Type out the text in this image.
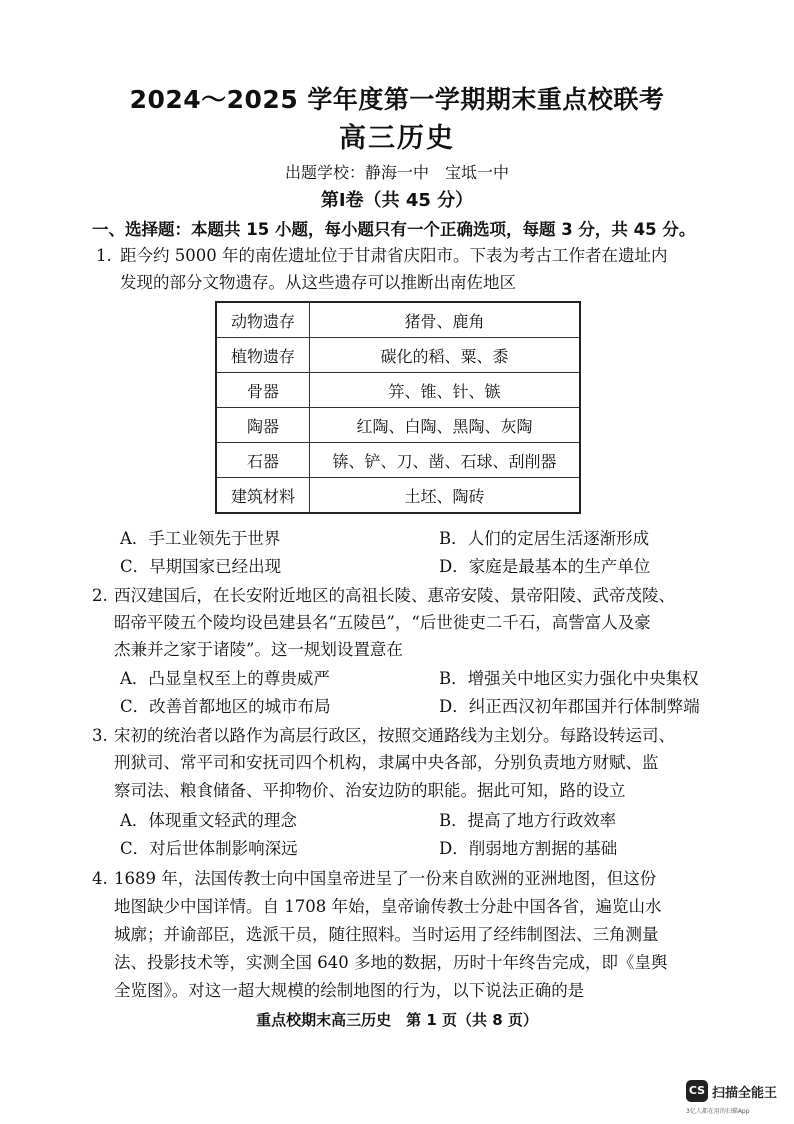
2024～2025 学年度第一学期期末重点校联考
高三历史
出题学校：静海一中　宝坻一中
第Ⅰ卷（共 45 分）
一、选择题：本题共 15 小题，每小题只有一个正确选项，每题 3 分，共 45 分。
1. 距今约 5000 年的南佐遗址位于甘肃省庆阳市。下表为考古工作者在遗址内
发现的部分文物遗存。从这些遗存可以推断出南佐地区
动物遗存	猪骨、鹿角
植物遗存	碳化的稻、粟、黍
骨器	笄、锥、针、镞
陶器	红陶、白陶、黑陶、灰陶
石器	锛、铲、刀、凿、石球、刮削器
建筑材料	土坯、陶砖
A．手工业领先于世界	B．人们的定居生活逐渐形成
C．早期国家已经出现	D．家庭是最基本的生产单位
2. 西汉建国后，在长安附近地区的高祖长陵、惠帝安陵、景帝阳陵、武帝茂陵、
昭帝平陵五个陵均设邑建县名“五陵邑”，“后世徙吏二千石，高訾富人及豪
杰兼并之家于诸陵”。这一规划设置意在
A．凸显皇权至上的尊贵威严	B．增强关中地区实力强化中央集权
C．改善首都地区的城市布局	D．纠正西汉初年郡国并行体制弊端
3. 宋初的统治者以路作为高层行政区，按照交通路线为主划分。每路设转运司、
刑狱司、常平司和安抚司四个机构，隶属中央各部，分别负责地方财赋、监
察司法、粮食储备、平抑物价、治安边防的职能。据此可知，路的设立
A．体现重文轻武的理念	B．提高了地方行政效率
C．对后世体制影响深远	D．削弱地方割据的基础
4. 1689 年，法国传教士向中国皇帝进呈了一份来自欧洲的亚洲地图，但这份
地图缺少中国详情。自 1708 年始，皇帝谕传教士分赴中国各省，遍览山水
城廓；并谕部臣，选派干员，随往照料。当时运用了经纬制图法、三角测量
法、投影技术等，实测全国 640 多地的数据，历时十年终告完成，即《皇舆
全览图》。对这一超大规模的绘制地图的行为，以下说法正确的是
重点校期末高三历史　第 1 页（共 8 页）
CS 扫描全能王
3亿人都在用的扫描App
